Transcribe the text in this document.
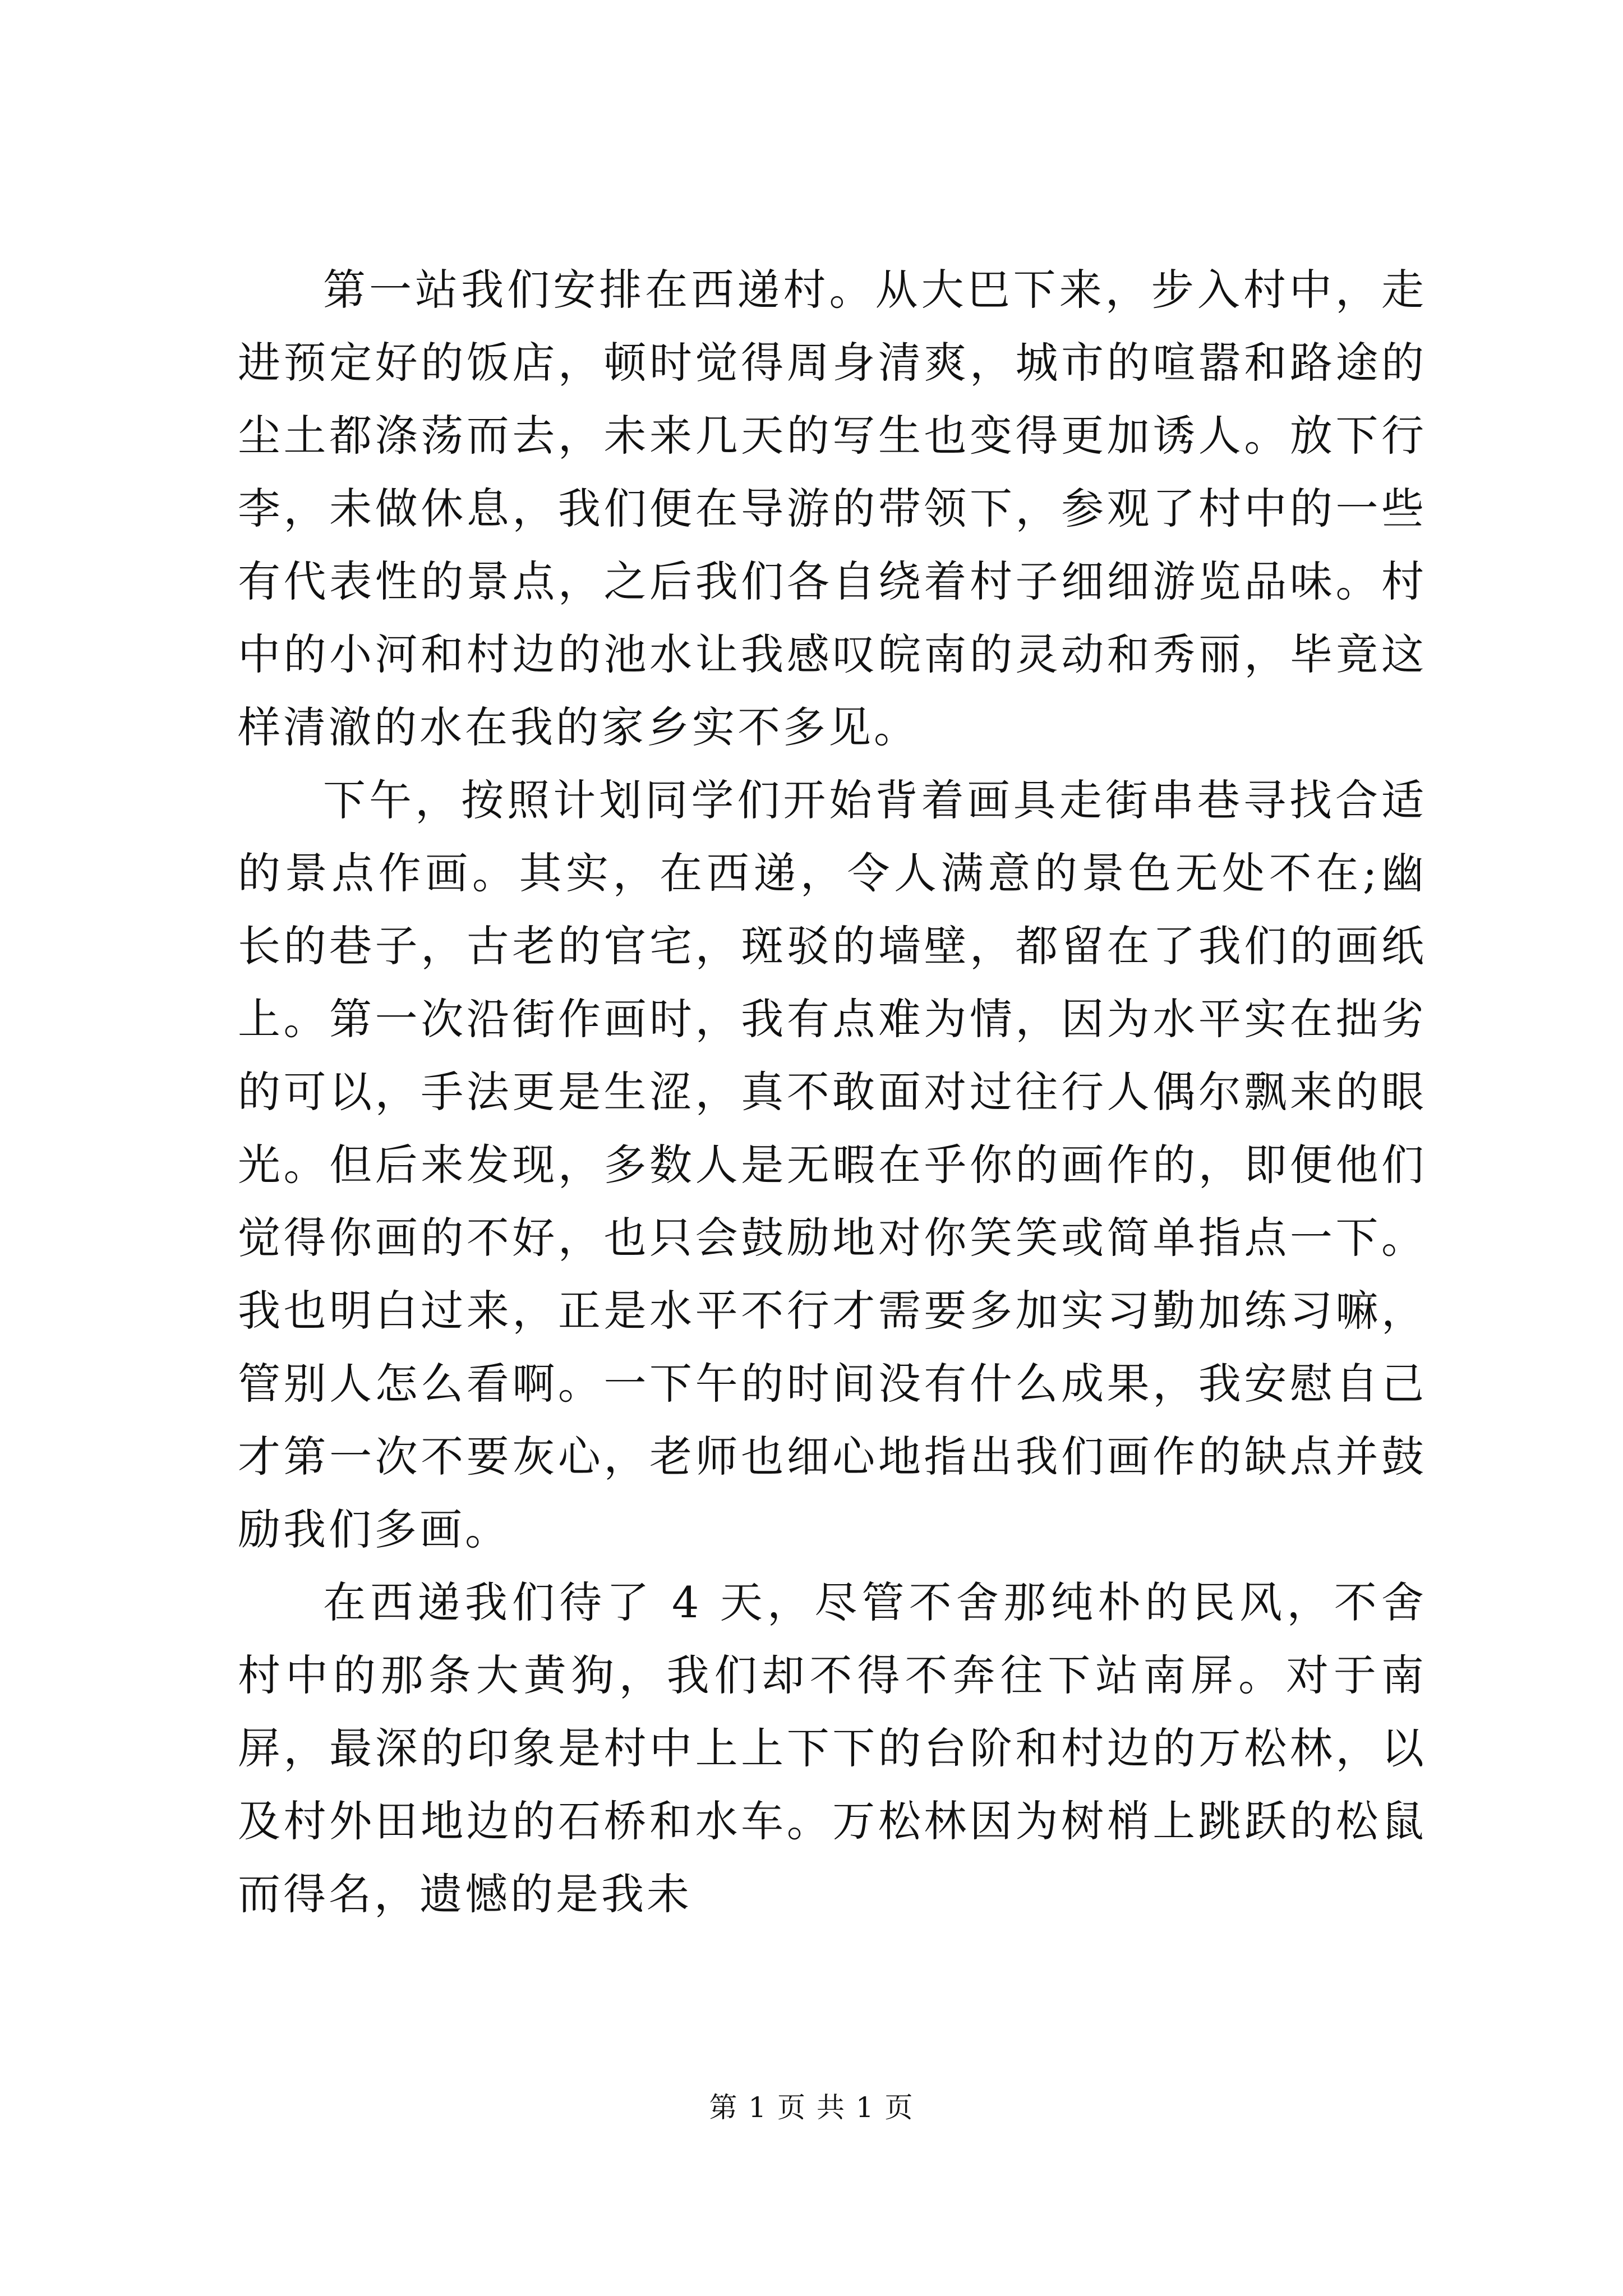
第一站我们安排在西递村。从大巴下来，步入村中，走进预定好的饭店，顿时觉得周身清爽，城市的喧嚣和路途的尘土都涤荡而去，未来几天的写生也变得更加诱人。放下行李，未做休息，我们便在导游的带领下，参观了村中的一些有代表性的景点，之后我们各自绕着村子细细游览品味。村中的小河和村边的池水让我感叹皖南的灵动和秀丽，毕竟这样清澈的水在我的家乡实不多见。

下午，按照计划同学们开始背着画具走街串巷寻找合适的景点作画。其实，在西递，令人满意的景色无处不在;幽长的巷子，古老的官宅，斑驳的墙壁，都留在了我们的画纸上。第一次沿街作画时，我有点难为情，因为水平实在拙劣的可以，手法更是生涩，真不敢面对过往行人偶尔飘来的眼光。但后来发现，多数人是无暇在乎你的画作的，即便他们觉得你画的不好，也只会鼓励地对你笑笑或简单指点一下。我也明白过来，正是水平不行才需要多加实习勤加练习嘛，管别人怎么看啊。一下午的时间没有什么成果，我安慰自己才第一次不要灰心，老师也细心地指出我们画作的缺点并鼓励我们多画。

在西递我们待了 4 天，尽管不舍那纯朴的民风，不舍村中的那条大黄狗，我们却不得不奔往下站南屏。对于南屏，最深的印象是村中上上下下的台阶和村边的万松林，以及村外田地边的石桥和水车。万松林因为树梢上跳跃的松鼠而得名，遗憾的是我未

第 1 页 共 1 页
